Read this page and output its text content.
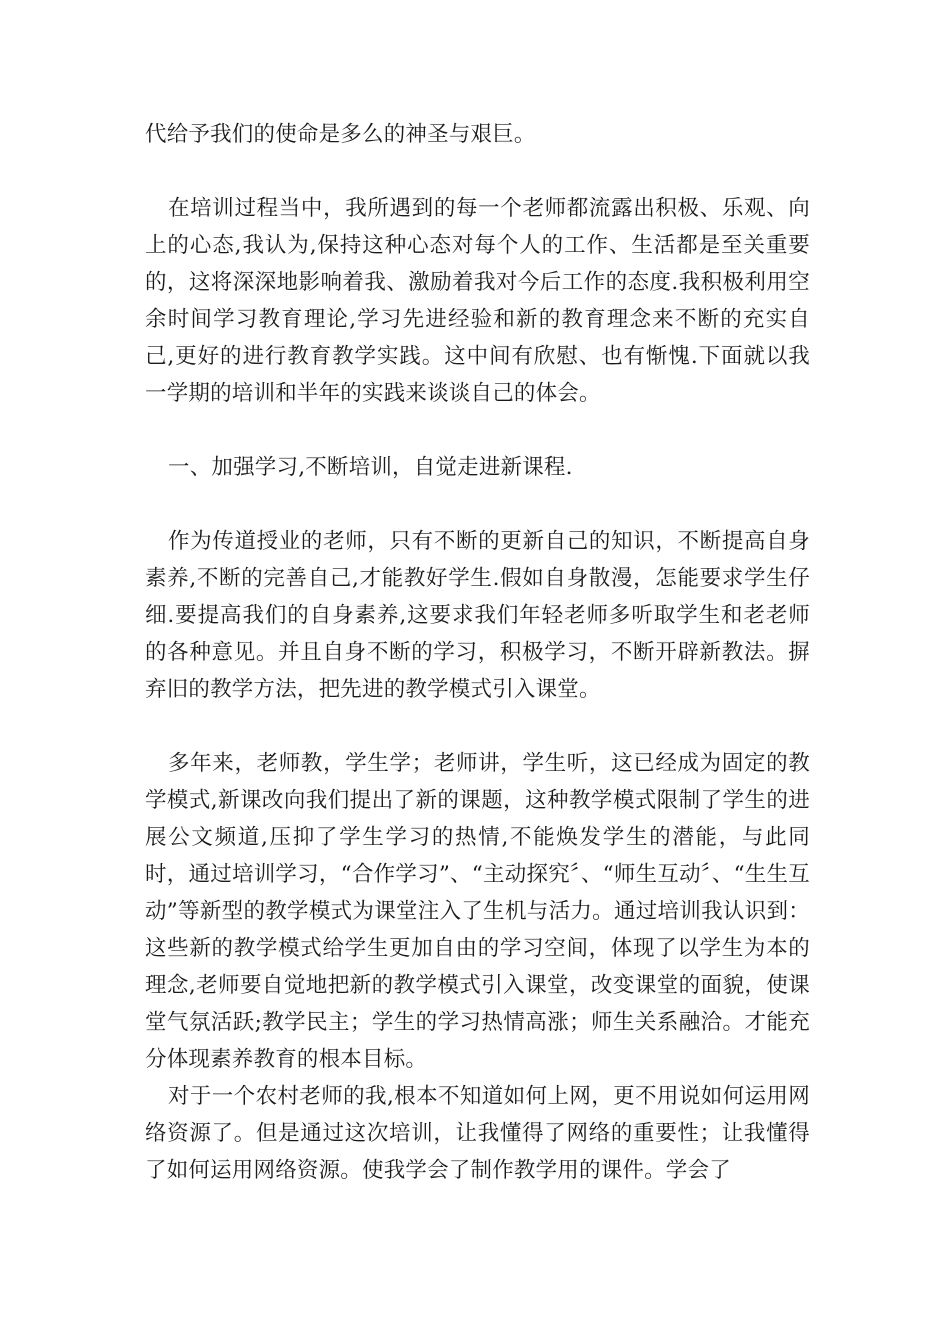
代给予我们的使命是多么的神圣与艰巨。

在培训过程当中，我所遇到的每一个老师都流露出积极、乐观、向上的心态,我认为,保持这种心态对每个人的工作、生活都是至关重要的，这将深深地影响着我、激励着我对今后工作的态度.我积极利用空余时间学习教育理论,学习先进经验和新的教育理念来不断的充实自己,更好的进行教育教学实践。这中间有欣慰、也有惭愧.下面就以我一学期的培训和半年的实践来谈谈自己的体会。

一、加强学习,不断培训，自觉走进新课程.

作为传道授业的老师，只有不断的更新自己的知识，不断提高自身素养,不断的完善自己,才能教好学生.假如自身散漫，怎能要求学生仔细.要提高我们的自身素养,这要求我们年轻老师多听取学生和老老师的各种意见。并且自身不断的学习，积极学习，不断开辟新教法。摒弃旧的教学方法，把先进的教学模式引入课堂。

多年来，老师教，学生学；老师讲，学生听，这已经成为固定的教学模式,新课改向我们提出了新的课题，这种教学模式限制了学生的进展公文频道,压抑了学生学习的热情,不能焕发学生的潜能，与此同时，通过培训学习，“合作学习”、“主动探究〞、“师生互动〞、“生生互动”等新型的教学模式为课堂注入了生机与活力。通过培训我认识到：这些新的教学模式给学生更加自由的学习空间，体现了以学生为本的理念,老师要自觉地把新的教学模式引入课堂，改变课堂的面貌，使课堂气氛活跃;教学民主；学生的学习热情高涨；师生关系融洽。才能充分体现素养教育的根本目标。

对于一个农村老师的我,根本不知道如何上网，更不用说如何运用网络资源了。但是通过这次培训，让我懂得了网络的重要性；让我懂得了如何运用网络资源。使我学会了制作教学用的课件。学会了
